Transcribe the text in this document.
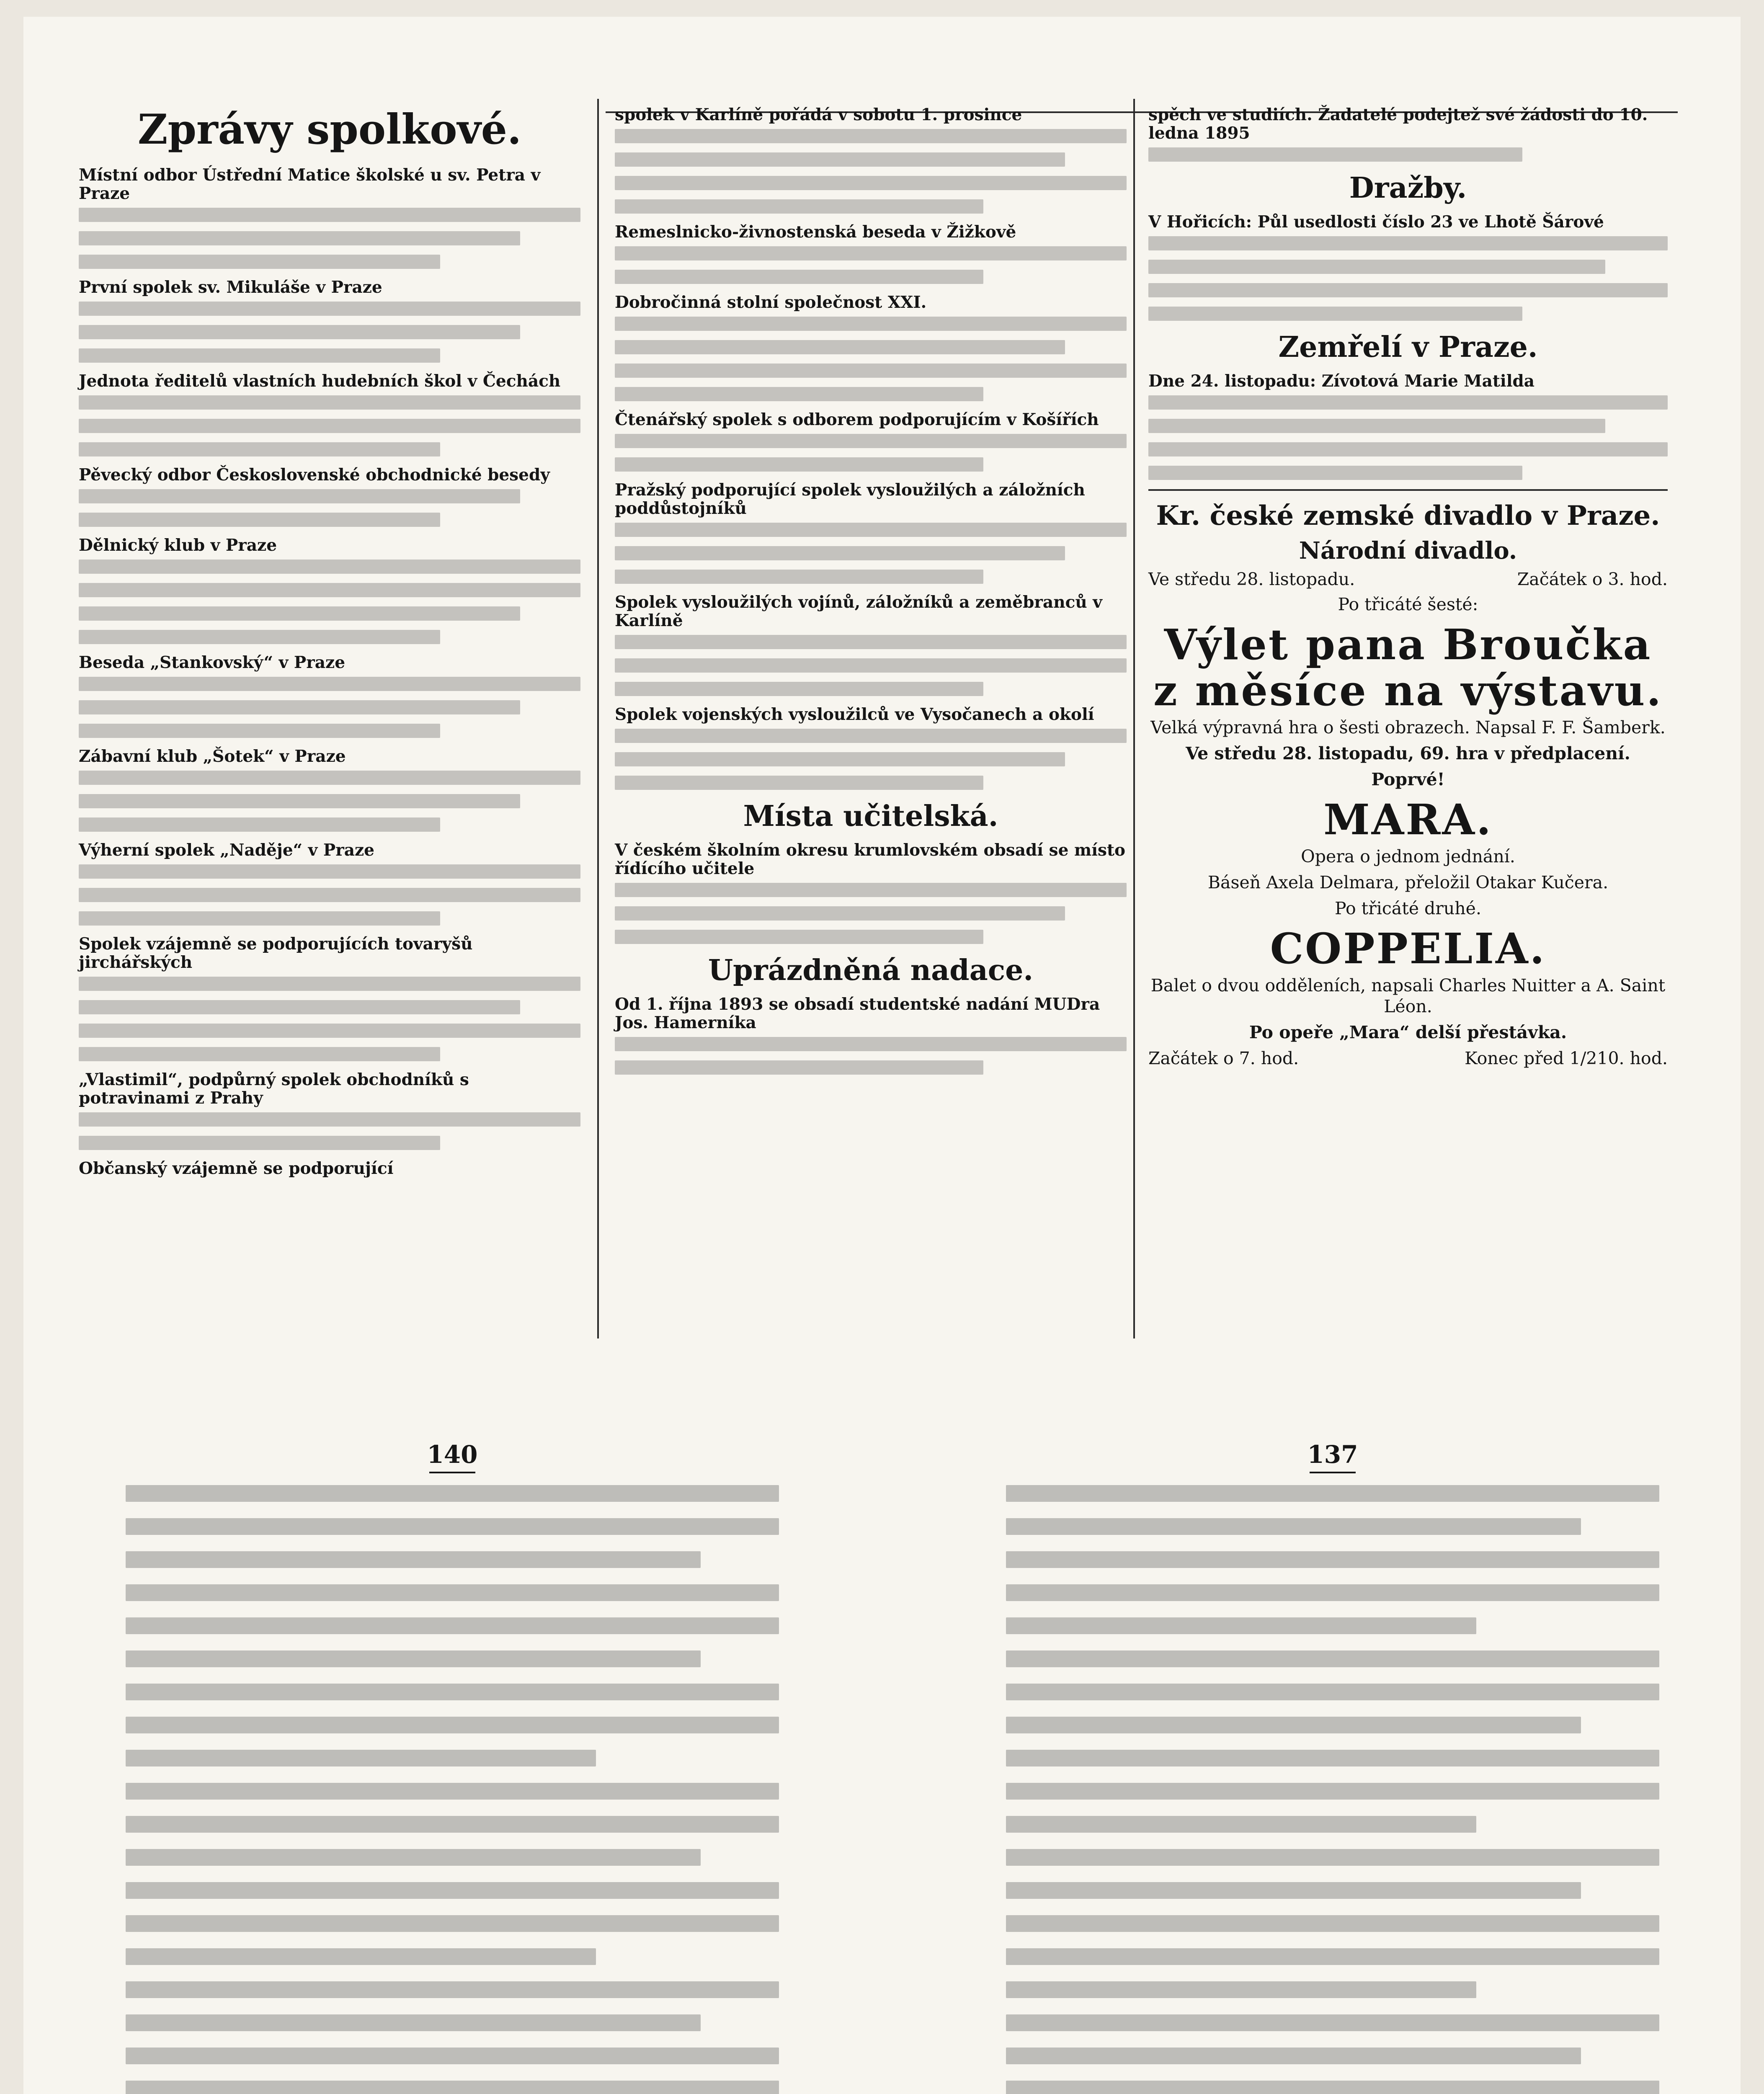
Zprávy spolkové.
Místní odbor Ústřední Matice školské u sv. Petra v Praze
První spolek sv. Mikuláše v Praze
Jednota ředitelů vlastních hudebních škol v Čechách
Pěvecký odbor Československé obchodnické besedy
Dělnický klub v Praze
Beseda „Stankovský“ v Praze
Zábavní klub „Šotek“ v Praze
Výherní spolek „Naděje“ v Praze
Spolek vzájemně se podporujících tovaryšů jirchářských
„Vlastimil“, podpůrný spolek obchodníků s potravinami z Prahy
Občanský vzájemně se podporující
spolek v Karlíně pořádá v sobotu 1. prosince
Remeslnicko-živnostenská beseda v Žižkově
Dobročinná stolní společnost XXI.
Čtenářský spolek s odborem podporujícím v Košířích
Pražský podporující spolek vysloužilých a záložních poddůstojníků
Spolek vysloužilých vojínů, záložníků a zeměbranců v Karlíně
Spolek vojenských vysloužilců ve Vysočanech a okolí
Místa učitelská.
V českém školním okresu krumlovském obsadí se místo řídícího učitele
Uprázdněná nadace.
Od 1. října 1893 se obsadí studentské nadání MUDra Jos. Hamerníka
spěch ve studiích. Žadatelé podejtež své žádosti do 10. ledna 1895
Dražby.
V Hořicích: Půl usedlosti číslo 23 ve Lhotě Šárové
Zemřelí v Praze.
Dne 24. listopadu: Zívotová Marie Matilda
Kr. české zemské divadlo v Praze.
Národní divadlo.
Ve středu 28. listopadu.	Začátek o 3. hod.
Po třicáté šesté:
Výlet pana Broučka z měsíce na výstavu.
Velká výpravná hra o šesti obrazech. Napsal F. F. Šamberk.
Ve středu 28. listopadu, 69. hra v předplacení.
Poprvé!
MARA.
Opera o jednom jednání.
Báseň Axela Delmara, přeložil Otakar Kučera.
Po třicáté druhé.
COPPELIA.
Balet o dvou odděleních, napsali Charles Nuitter a A. Saint Léon.
Po opeře „Mara“ delší přestávka.
Začátek o 7. hod.	Konec před 1/210. hod.
140	137
